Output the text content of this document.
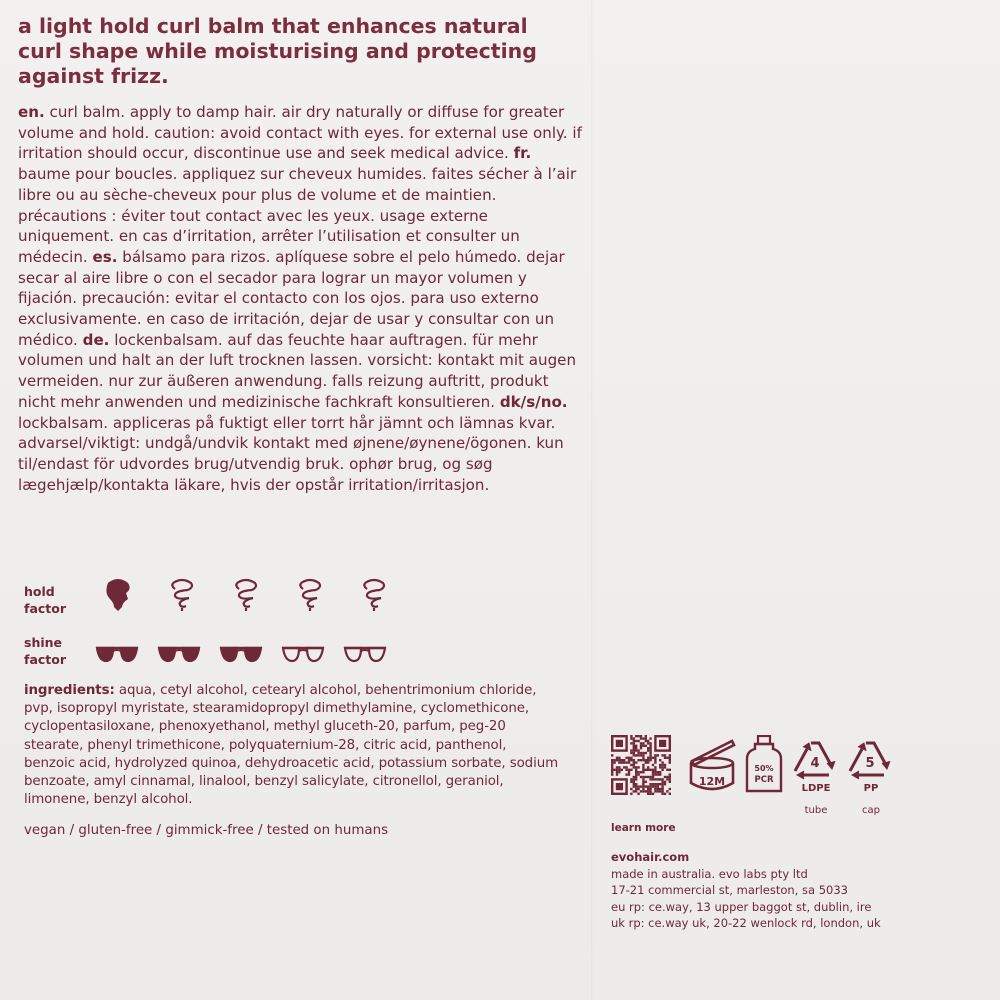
a light hold curl balm that enhances natural curl shape while moisturising and protecting against frizz.

en. curl balm. apply to damp hair. air dry naturally or diffuse for greater volume and hold. caution: avoid contact with eyes. for external use only. if irritation should occur, discontinue use and seek medical advice. fr. baume pour boucles. appliquez sur cheveux humides. faites sécher à l’air libre ou au sèche-cheveux pour plus de volume et de maintien. précautions : éviter tout contact avec les yeux. usage externe uniquement. en cas d’irritation, arrêter l’utilisation et consulter un médecin. es. bálsamo para rizos. aplíquese sobre el pelo húmedo. dejar secar al aire libre o con el secador para lograr un mayor volumen y fijación. precaución: evitar el contacto con los ojos. para uso externo exclusivamente. en caso de irritación, dejar de usar y consultar con un médico. de. lockenbalsam. auf das feuchte haar auftragen. für mehr volumen und halt an der luft trocknen lassen. vorsicht: kontakt mit augen vermeiden. nur zur äußeren anwendung. falls reizung auftritt, produkt nicht mehr anwenden und medizinische fachkraft konsultieren. dk/s/no. lockbalsam. appliceras på fuktigt eller torrt hår jämnt och lämnas kvar. advarsel/viktigt: undgå/undvik kontakt med øjnene/øynene/ögonen. kun til/endast för udvordes brug/utvendig bruk. ophør brug, og søg lægehjælp/kontakta läkare, hvis der opstår irritation/irritasjon.

hold
factor
shine
factor

ingredients: aqua, cetyl alcohol, cetearyl alcohol, behentrimonium chloride, pvp, isopropyl myristate, stearamidopropyl dimethylamine, cyclomethicone, cyclopentasiloxane, phenoxyethanol, methyl gluceth-20, parfum, peg-20 stearate, phenyl trimethicone, polyquaternium-28, citric acid, panthenol, benzoic acid, hydrolyzed quinoa, dehydroacetic acid, potassium sorbate, sodium benzoate, amyl cinnamal, linalool, benzyl salicylate, citronellol, geraniol, limonene, benzyl alcohol.

vegan / gluten-free / gimmick-free / tested on humans	learn more
12M
50%
PCR
4
LDPE
tube
5
PP
cap
evohair.com
made in australia. evo labs pty ltd
17-21 commercial st, marleston, sa 5033
eu rp: ce.way, 13 upper baggot st, dublin, ire
uk rp: ce.way uk, 20-22 wenlock rd, london, uk
